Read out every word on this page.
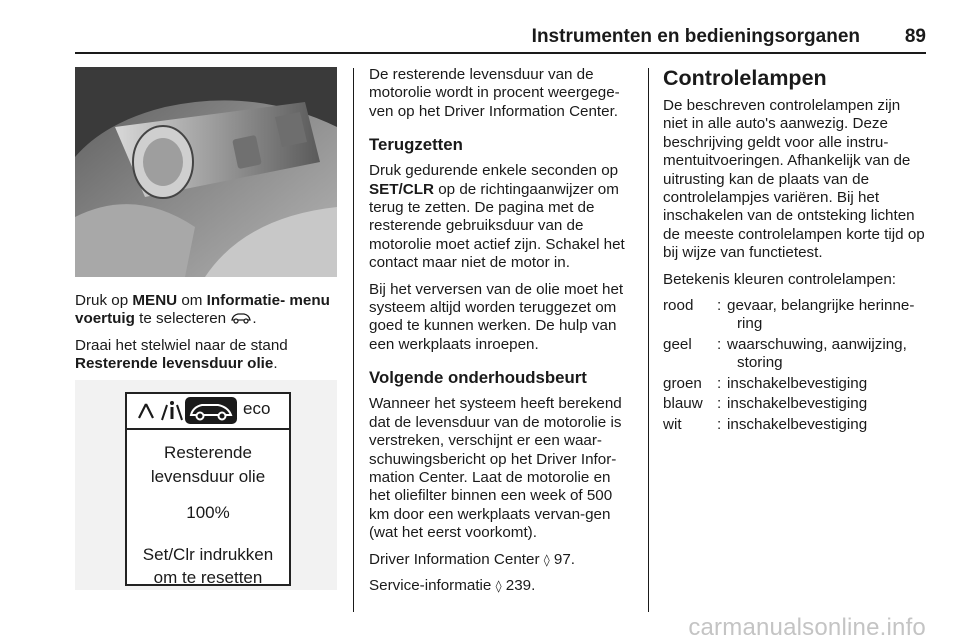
Instrumenten en bedieningsorganen 89

Druk op MENU om Informatie- menu voertuig te selecteren .

Draai het stelwiel naar de stand Resterende levensduur olie.

eco
Resterende
levensduur olie
100%
Set/Clr indrukken
om te resetten

De resterende levensduur van de motorolie wordt in procent weergege-ven op het Driver Information Center.

Terugzetten

Druk gedurende enkele seconden op SET/CLR op de richtingaanwijzer om terug te zetten. De pagina met de resterende gebruiksduur van de motorolie moet actief zijn. Schakel het contact maar niet de motor in.

Bij het verversen van de olie moet het systeem altijd worden teruggezet om goed te kunnen werken. De hulp van een werkplaats inroepen.

Volgende onderhoudsbeurt

Wanneer het systeem heeft berekend dat de levensduur van de motorolie is verstreken, verschijnt er een waar-schuwingsbericht op het Driver Infor-mation Center. Laat de motorolie en het oliefilter binnen een week of 500 km door een werkplaats vervan-gen (wat het eerst voorkomt).

Driver Information Center ◊ 97.

Service-informatie ◊ 239.

Controlelampen

De beschreven controlelampen zijn niet in alle auto's aanwezig. Deze beschrijving geldt voor alle instru-mentuitvoeringen. Afhankelijk van de uitrusting kan de plaats van de controlelampjes variëren. Bij het inschakelen van de ontsteking lichten de meeste controlelampen korte tijd op bij wijze van functietest.

Betekenis kleuren controlelampen:

rood	: gevaar, belangrijke herinne-
ring
geel	: waarschuwing, aanwijzing,
storing
groen : inschakelbevestiging
blauw : inschakelbevestiging
wit	: inschakelbevestiging
carmanualsonline.info
